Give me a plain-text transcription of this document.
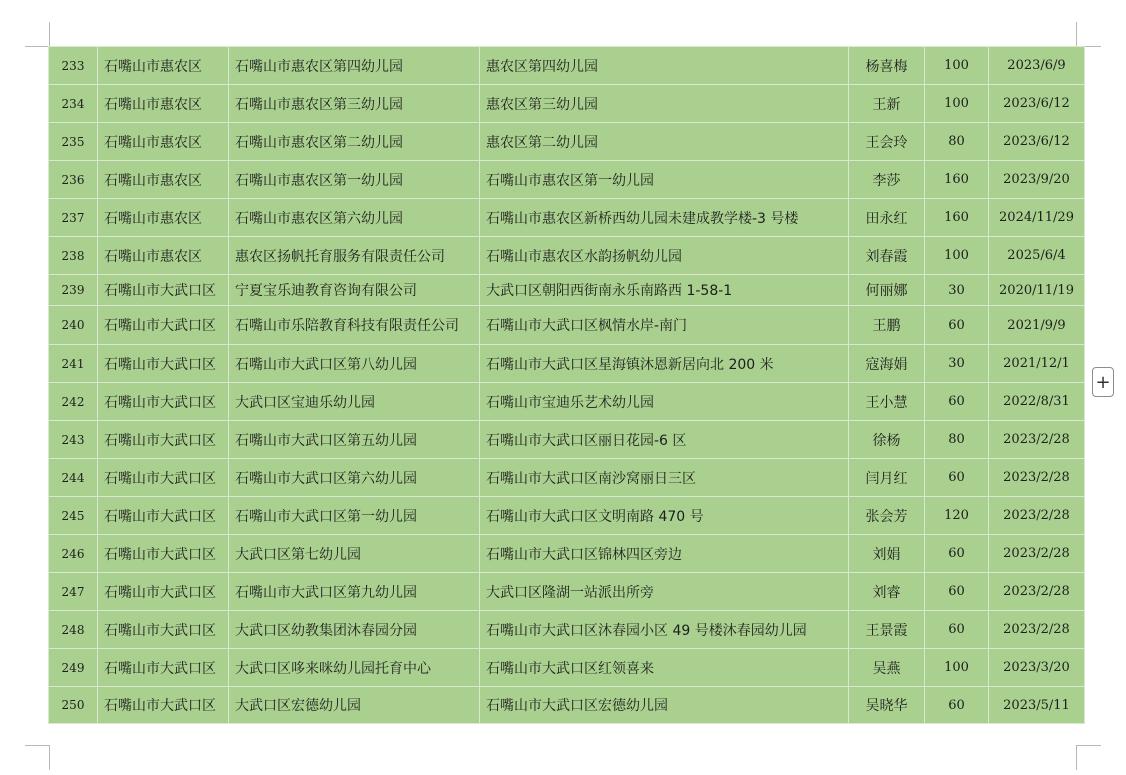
233	石嘴山市惠农区	石嘴山市惠农区第四幼儿园	惠农区第四幼儿园	杨喜梅	100	2023/6/9
234	石嘴山市惠农区	石嘴山市惠农区第三幼儿园	惠农区第三幼儿园	王新	100	2023/6/12
235	石嘴山市惠农区	石嘴山市惠农区第二幼儿园	惠农区第二幼儿园	王会玲	80	2023/6/12
236	石嘴山市惠农区	石嘴山市惠农区第一幼儿园	石嘴山市惠农区第一幼儿园	李莎	160	2023/9/20
237	石嘴山市惠农区	石嘴山市惠农区第六幼儿园	石嘴山市惠农区新桥西幼儿园未建成教学楼-3 号楼	田永红	160	2024/11/29
238	石嘴山市惠农区	惠农区扬帆托育服务有限责任公司	石嘴山市惠农区水韵扬帆幼儿园	刘春霞	100	2025/6/4
239	石嘴山市大武口区	宁夏宝乐迪教育咨询有限公司	大武口区朝阳西街南永乐南路西 1-58-1	何丽娜	30	2020/11/19
240	石嘴山市大武口区	石嘴山市乐陪教育科技有限责任公司	石嘴山市大武口区枫情水岸-南门	王鹏	60	2021/9/9
241	石嘴山市大武口区	石嘴山市大武口区第八幼儿园	石嘴山市大武口区星海镇沐恩新居向北 200 米	寇海娟	30	2021/12/1
242	石嘴山市大武口区	大武口区宝迪乐幼儿园	石嘴山市宝迪乐艺术幼儿园	王小慧	60	2022/8/31
243	石嘴山市大武口区	石嘴山市大武口区第五幼儿园	石嘴山市大武口区丽日花园-6 区	徐杨	80	2023/2/28
244	石嘴山市大武口区	石嘴山市大武口区第六幼儿园	石嘴山市大武口区南沙窝丽日三区	闫月红	60	2023/2/28
245	石嘴山市大武口区	石嘴山市大武口区第一幼儿园	石嘴山市大武口区文明南路 470 号	张会芳	120	2023/2/28
246	石嘴山市大武口区	大武口区第七幼儿园	石嘴山市大武口区锦林四区旁边	刘娟	60	2023/2/28
247	石嘴山市大武口区	石嘴山市大武口区第九幼儿园	大武口区隆湖一站派出所旁	刘睿	60	2023/2/28
248	石嘴山市大武口区	大武口区幼教集团沐春园分园	石嘴山市大武口区沐春园小区 49 号楼沐春园幼儿园	王景霞	60	2023/2/28
249	石嘴山市大武口区	大武口区哆来咪幼儿园托育中心	石嘴山市大武口区红领喜来	吴燕	100	2023/3/20
250	石嘴山市大武口区	大武口区宏德幼儿园	石嘴山市大武口区宏德幼儿园	吴晓华	60	2023/5/11
+
